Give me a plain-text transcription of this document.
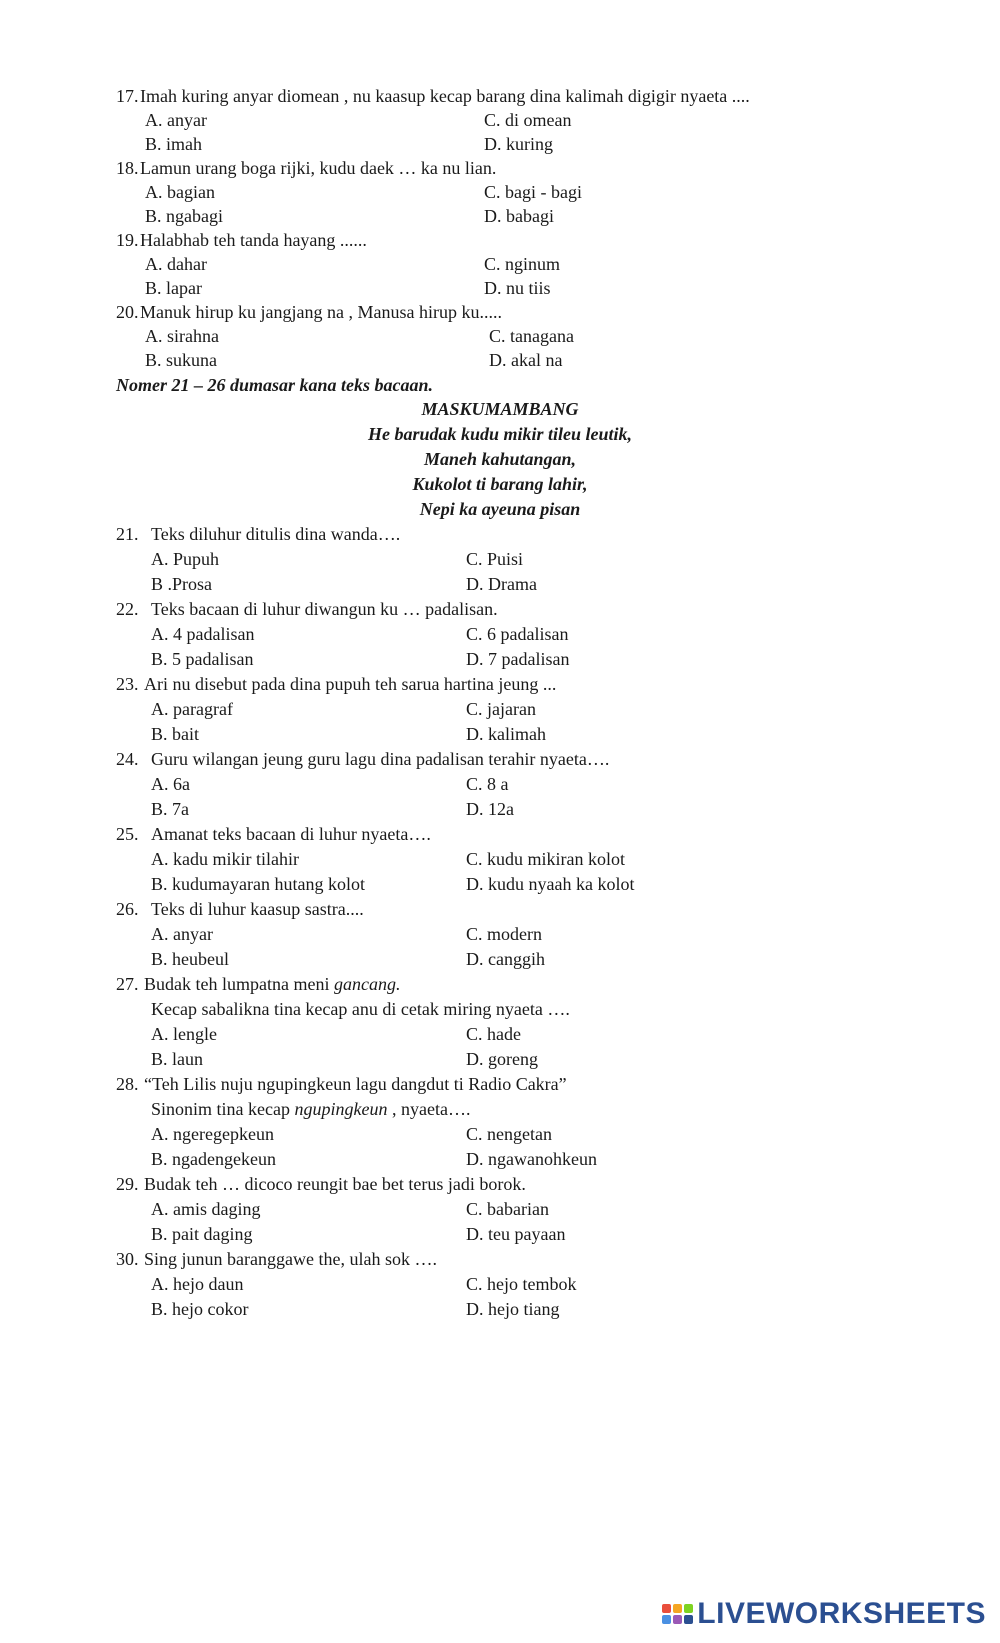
17. Imah kuring anyar diomean , nu kaasup kecap barang dina kalimah digigir nyaeta ....
A. anyar	C. di omean
B. imah	D. kuring
18. Lamun urang boga rijki, kudu daek … ka nu lian.
A. bagian	C. bagi - bagi
B. ngabagi	D. babagi
19. Halabhab teh tanda hayang ......
A. dahar	C. nginum
B. lapar	D. nu tiis
20. Manuk hirup ku jangjang na , Manusa hirup ku.....
A. sirahna	C. tanagana
B. sukuna	D. akal na
Nomer 21 – 26 dumasar kana teks bacaan.
MASKUMAMBANG
He barudak kudu mikir tileu leutik,
Maneh kahutangan,
Kukolot ti barang lahir,
Nepi ka ayeuna pisan
21. Teks diluhur ditulis dina wanda….
A. Pupuh	C. Puisi
B .Prosa	D. Drama
22. Teks bacaan di luhur diwangun ku … padalisan.
A. 4 padalisan	C. 6 padalisan
B. 5 padalisan	D. 7 padalisan
23. Ari nu disebut pada dina pupuh teh sarua hartina jeung ...
A. paragraf	C. jajaran
B. bait	D. kalimah
24. Guru wilangan jeung guru lagu dina padalisan terahir nyaeta….
A. 6a	C. 8 a
B. 7a	D. 12a
25. Amanat teks bacaan di luhur nyaeta….
A. kadu mikir tilahir	C. kudu mikiran kolot
B. kudumayaran hutang kolot	D. kudu nyaah ka kolot
26. Teks di luhur kaasup sastra....
A. anyar	C. modern
B. heubeul	D. canggih
27. Budak teh lumpatna meni gancang.
Kecap sabalikna tina kecap anu di cetak miring nyaeta ….
A. lengle	C. hade
B. laun	D. goreng
28. “Teh Lilis nuju ngupingkeun lagu dangdut ti Radio Cakra”
Sinonim tina kecap ngupingkeun , nyaeta….
A. ngeregepkeun	C. nengetan
B. ngadengekeun	D. ngawanohkeun
29. Budak teh … dicoco reungit bae bet terus jadi borok.
A. amis daging	C. babarian
B. pait daging	D. teu payaan
30. Sing junun baranggawe the, ulah sok ….
A. hejo daun	C. hejo tembok
B. hejo cokor	D. hejo tiang
LIVEWORKSHEETS
